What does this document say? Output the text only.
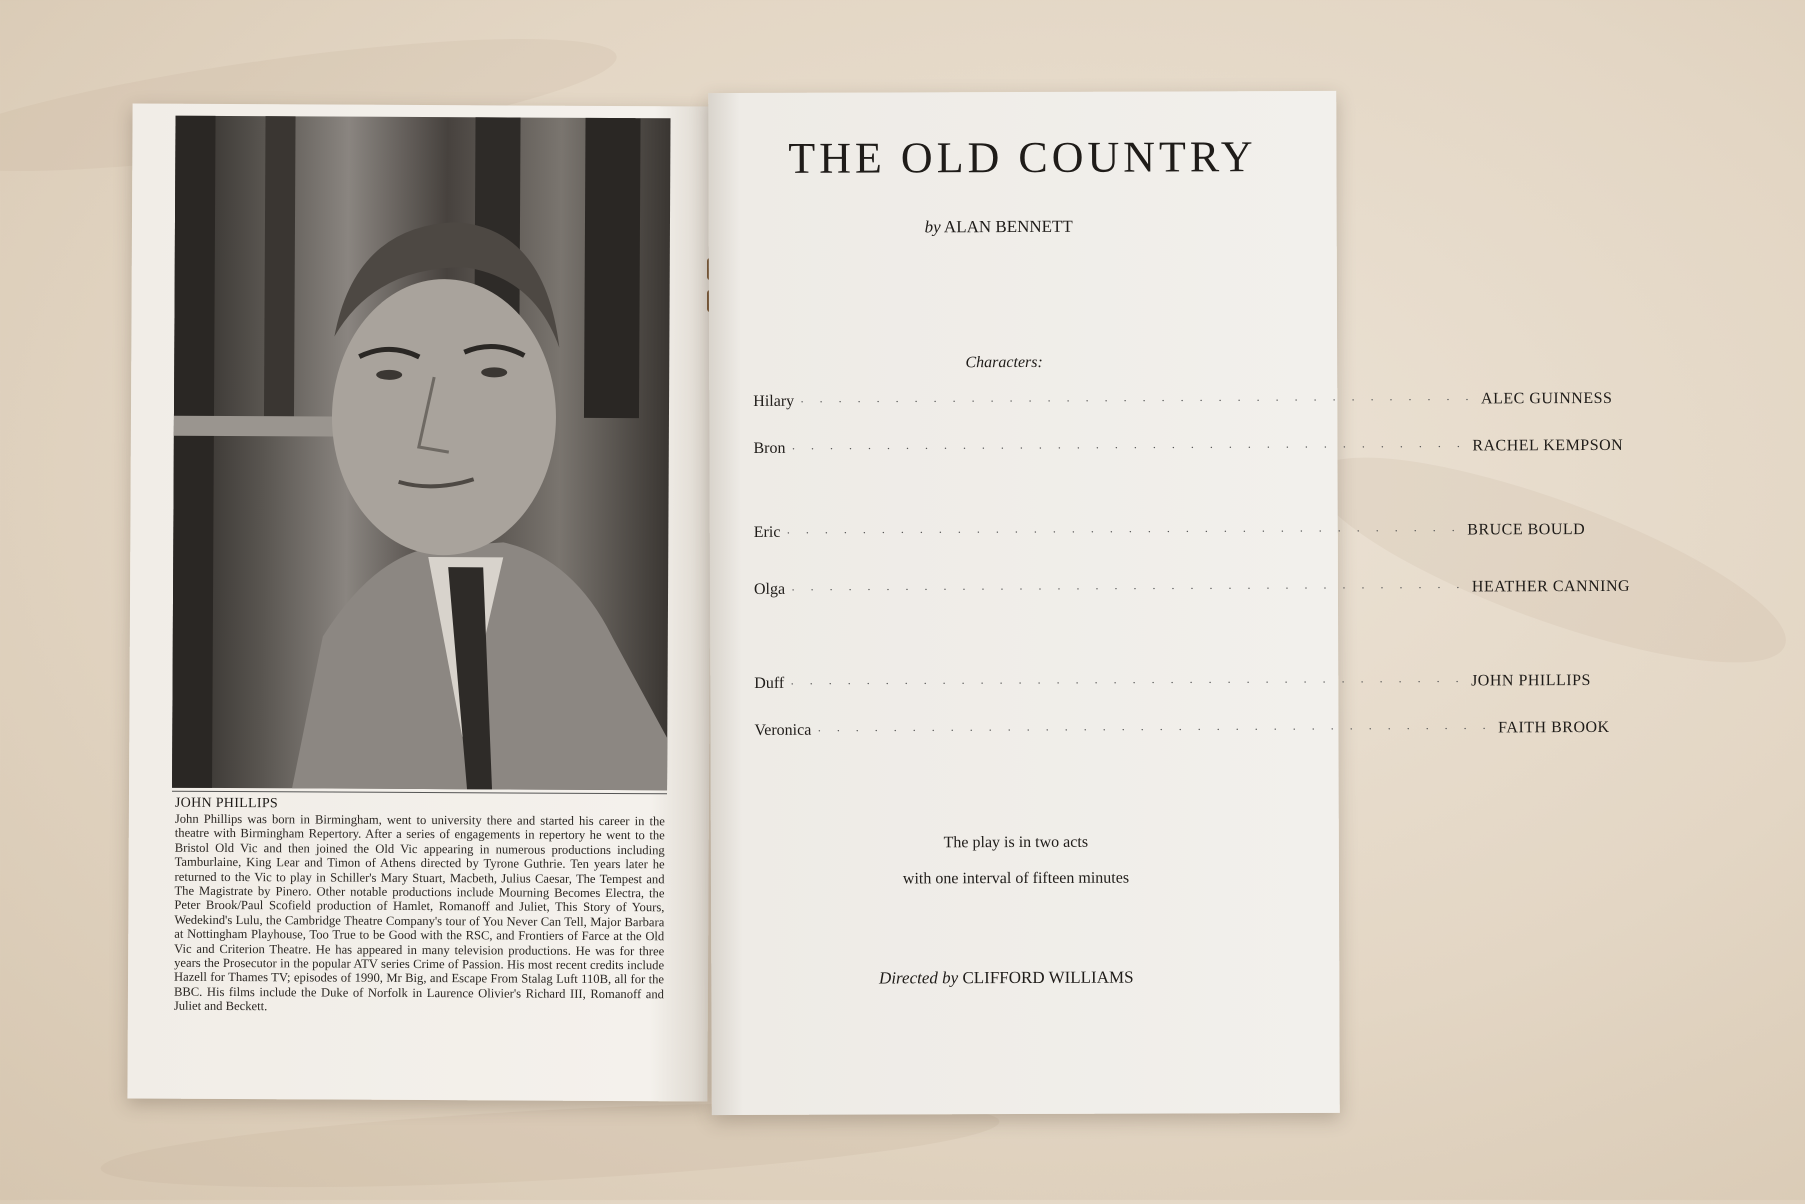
JOHN PHILLIPS
John Phillips was born in Birmingham, went to university there and started his career in the theatre with Birmingham Repertory. After a series of engagements in repertory he went to the Bristol Old Vic and then joined the Old Vic appearing in numerous productions including Tamburlaine, King Lear and Timon of Athens directed by Tyrone Guthrie. Ten years later he returned to the Vic to play in Schiller's Mary Stuart, Macbeth, Julius Caesar, The Tempest and The Magistrate by Pinero. Other notable productions include Mourning Becomes Electra, the Peter Brook/Paul Scofield production of Hamlet, Romanoff and Juliet, This Story of Yours, Wedekind's Lulu, the Cambridge Theatre Company's tour of You Never Can Tell, Major Barbara at Nottingham Playhouse, Too True to be Good with the RSC, and Frontiers of Farce at the Old Vic and Criterion Theatre. He has appeared in many television productions. He was for three years the Prosecutor in the popular ATV series Crime of Passion. His most recent credits include Hazell for Thames TV; episodes of 1990, Mr Big, and Escape From Stalag Luft 110B, all for the BBC. His films include the Duke of Norfolk in Laurence Olivier's Richard III, Romanoff and Juliet and Beckett.
THE OLD COUNTRY
by ALAN BENNETT
Characters:
Hilary · · · · · · · · · · · · · · · · · · · · · · · · · · · · · · · · · · · · ALEC GUINNESS
Bron · · · · · · · · · · · · · · · · · · · · · · · · · · · · · · · · · · · · RACHEL KEMPSON
Eric · · · · · · · · · · · · · · · · · · · · · · · · · · · · · · · · · · · · BRUCE BOULD
Olga · · · · · · · · · · · · · · · · · · · · · · · · · · · · · · · · · · · · HEATHER CANNING
Duff · · · · · · · · · · · · · · · · · · · · · · · · · · · · · · · · · · · · JOHN PHILLIPS
Veronica · · · · · · · · · · · · · · · · · · · · · · · · · · · · · · · · · · · · FAITH BROOK
The play is in two acts
with one interval of fifteen minutes
Directed by CLIFFORD WILLIAMS
